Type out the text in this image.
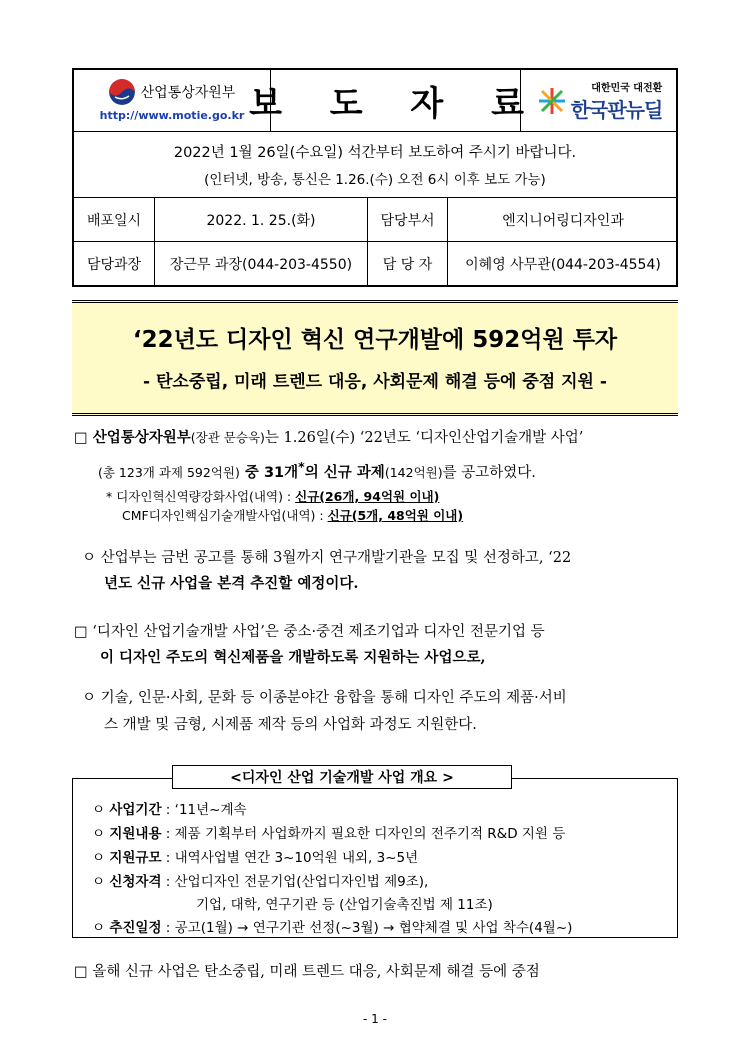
산업통상자원부
http://www.motie.go.kr 보 도 자 료	대한민국 대전환
한국판뉴딜
2022년 1월 26일(수요일) 석간부터 보도하여 주시기 바랍니다.
(인터넷, 방송, 통신은 1.26.(수) 오전 6시 이후 보도 가능)
배포일시	2022. 1. 25.(화)	담당부서	엔지니어링디자인과
담당과장	장근무 과장(044-203-4550)	담 당 자	이혜영 사무관(044-203-4554)
‘22년도 디자인 혁신 연구개발에 592억원 투자
- 탄소중립, 미래 트렌드 대응, 사회문제 해결 등에 중점 지원 -
□ 산업통상자원부(장관 문승욱)는 1.26일(수) ‘22년도 ‘디자인산업기술개발 사업’
(총 123개 과제 592억원) 중 31개*의 신규 과제(142억원)를 공고하였다.
* 디자인혁신역량강화사업(내역) : 신규(26개, 94억원 이내)
CMF디자인핵심기술개발사업(내역) : 신규(5개, 48억원 이내)
ㅇ 산업부는 금번 공고를 통해 3월까지 연구개발기관을 모집 및 선정하고, ‘22
년도 신규 사업을 본격 추진할 예정이다.
□ ‘디자인 산업기술개발 사업’은 중소·중견 제조기업과 디자인 전문기업 등
이 디자인 주도의 혁신제품을 개발하도록 지원하는 사업으로,
ㅇ 기술, 인문·사회, 문화 등 이종분야간 융합을 통해 디자인 주도의 제품·서비
스 개발 및 금형, 시제품 제작 등의 사업화 과정도 지원한다.
<디자인 산업 기술개발 사업 개요 >
ㅇ 사업기간 : ‘11년~계속
ㅇ 지원내용 : 제품 기획부터 사업화까지 필요한 디자인의 전주기적 R&D 지원 등
ㅇ 지원규모 : 내역사업별 연간 3~10억원 내외, 3~5년
ㅇ 신청자격 : 산업디자인 전문기업(산업디자인법 제9조),
기업, 대학, 연구기관 등 (산업기술촉진법 제 11조)
ㅇ 추진일정 : 공고(1월) → 연구기관 선정(~3월) → 협약체결 및 사업 착수(4월~)
□ 올해 신규 사업은 탄소중립, 미래 트렌드 대응, 사회문제 해결 등에 중점
- 1 -
